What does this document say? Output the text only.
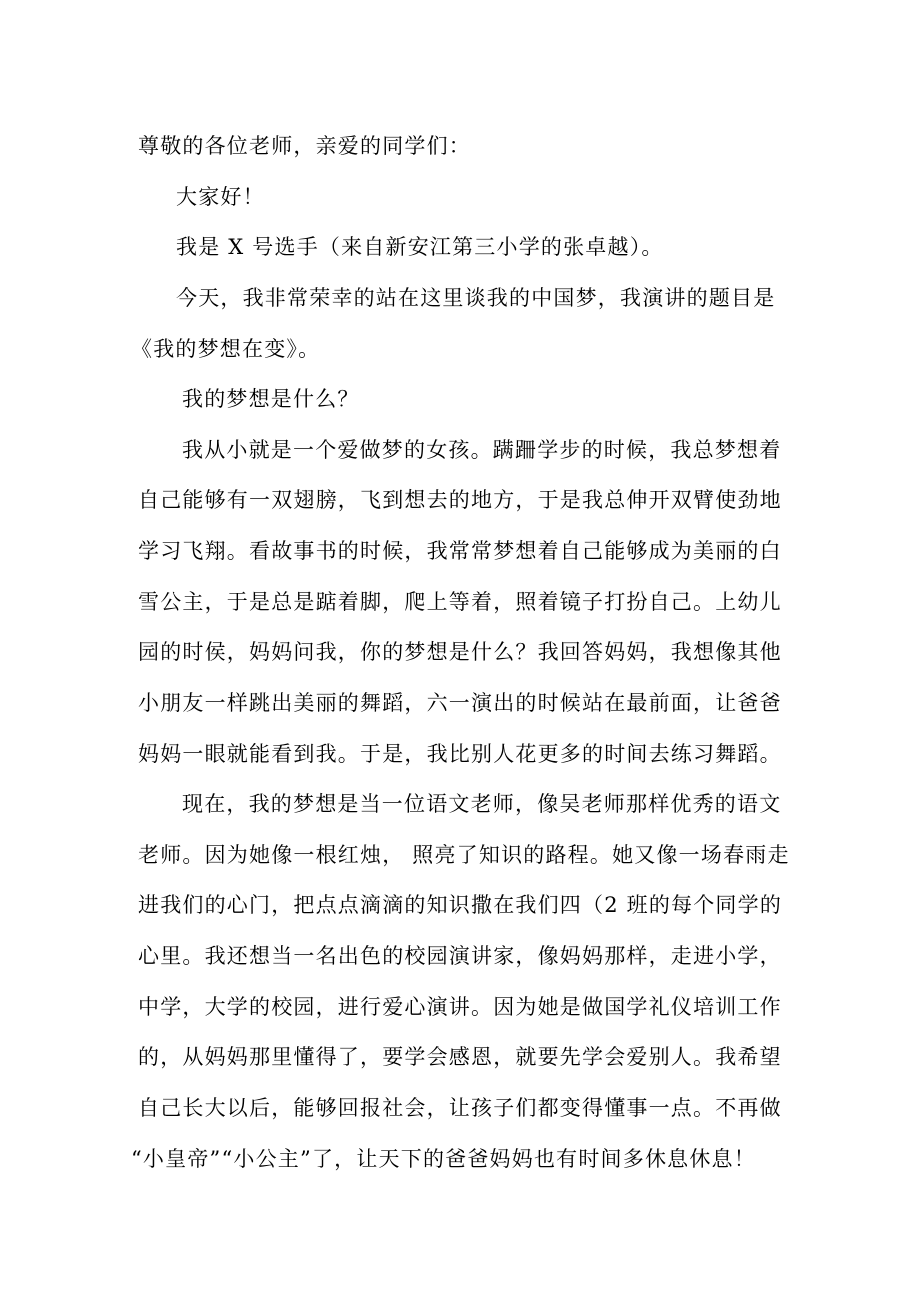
尊敬的各位老师，亲爱的同学们：
大家好！
我是 X 号选手（来自新安江第三小学的张卓越）。
今天，我非常荣幸的站在这里谈我的中国梦，我演讲的题目是
《我的梦想在变》。
我的梦想是什么？
我从小就是一个爱做梦的女孩。蹒跚学步的时候，我总梦想着
自己能够有一双翅膀，飞到想去的地方，于是我总伸开双臂使劲地
学习飞翔。看故事书的时候，我常常梦想着自己能够成为美丽的白
雪公主，于是总是踮着脚，爬上等着，照着镜子打扮自己。上幼儿
园的时侯，妈妈问我，你的梦想是什么？我回答妈妈，我想像其他
小朋友一样跳出美丽的舞蹈，六一演出的时候站在最前面，让爸爸
妈妈一眼就能看到我。于是，我比别人花更多的时间去练习舞蹈。
现在，我的梦想是当一位语文老师，像吴老师那样优秀的语文
老师。因为她像一根红烛， 照亮了知识的路程。她又像一场春雨走
进我们的心门，把点点滴滴的知识撒在我们四（2 班的每个同学的
心里。我还想当一名出色的校园演讲家，像妈妈那样，走进小学，
中学，大学的校园，进行爱心演讲。因为她是做国学礼仪培训工作
的，从妈妈那里懂得了，要学会感恩，就要先学会爱别人。我希望
自己长大以后，能够回报社会，让孩子们都变得懂事一点。不再做
“小皇帝”“小公主”了，让天下的爸爸妈妈也有时间多休息休息！
